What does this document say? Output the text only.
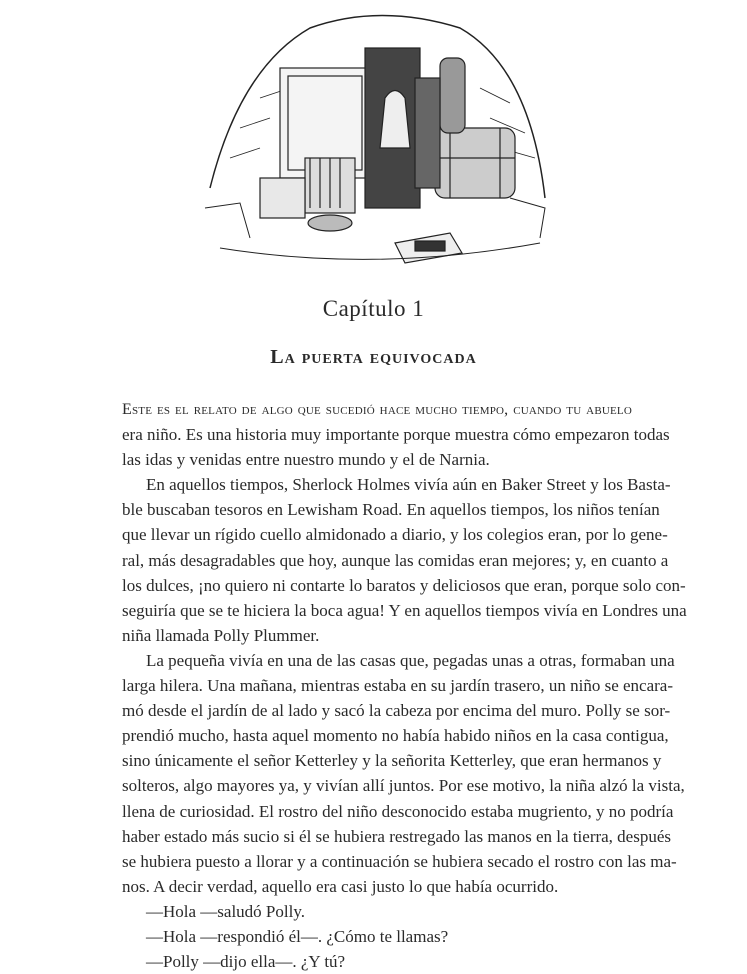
Capítulo 1
La puerta equivocada
Este es el relato de algo que sucedió hace mucho tiempo, cuando tu abuelo
era niño. Es una historia muy importante porque muestra cómo empezaron todas
las idas y venidas entre nuestro mundo y el de Narnia.
En aquellos tiempos, Sherlock Holmes vivía aún en Baker Street y los Basta-
ble buscaban tesoros en Lewisham Road. En aquellos tiempos, los niños tenían
que llevar un rígido cuello almidonado a diario, y los colegios eran, por lo gene-
ral, más desagradables que hoy, aunque las comidas eran mejores; y, en cuanto a
los dulces, ¡no quiero ni contarte lo baratos y deliciosos que eran, porque solo con-
seguiría que se te hiciera la boca agua! Y en aquellos tiempos vivía en Londres una
niña llamada Polly Plummer.
La pequeña vivía en una de las casas que, pegadas unas a otras, formaban una
larga hilera. Una mañana, mientras estaba en su jardín trasero, un niño se encara-
mó desde el jardín de al lado y sacó la cabeza por encima del muro. Polly se sor-
prendió mucho, hasta aquel momento no había habido niños en la casa contigua,
sino únicamente el señor Ketterley y la señorita Ketterley, que eran hermanos y
solteros, algo mayores ya, y vivían allí juntos. Por ese motivo, la niña alzó la vista,
llena de curiosidad. El rostro del niño desconocido estaba mugriento, y no podría
haber estado más sucio si él se hubiera restregado las manos en la tierra, después
se hubiera puesto a llorar y a continuación se hubiera secado el rostro con las ma-
nos. A decir verdad, aquello era casi justo lo que había ocurrido.
—Hola —saludó Polly.
—Hola —respondió él—. ¿Cómo te llamas?
—Polly —dijo ella—. ¿Y tú?
